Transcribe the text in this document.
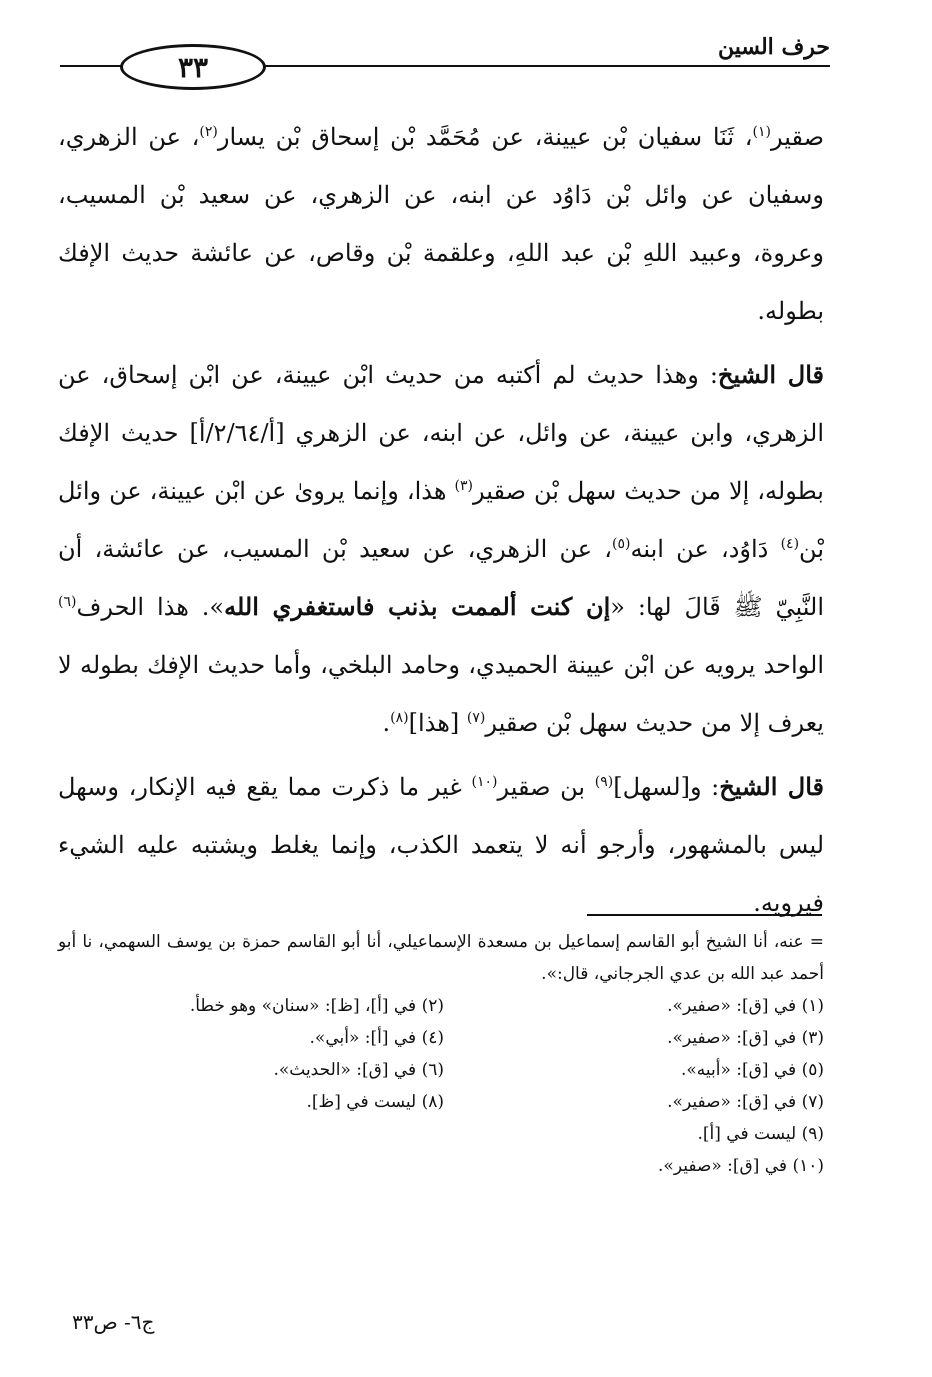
حرف السين
٣٣

صقير$^{(١)}$، ثَنَا سفيان بْن عيينة، عن مُحَمَّد بْن إسحاق بْن يسار$^{(٢)}$، عن الزهري، وسفيان عن وائل بْن دَاوُد عن ابنه، عن الزهري، عن سعيد بْن المسيب، وعروة، وعبيد اللهِ بْن عبد اللهِ، وعلقمة بْن وقاص، عن عائشة حديث الإفك بطوله.

قال الشيخ: وهذا حديث لم أكتبه من حديث ابْن عيينة، عن ابْن إسحاق، عن الزهري، وابن عيينة، عن وائل، عن ابنه، عن الزهري [أ/٢/٦٤/أ] حديث الإفك بطوله، إلا من حديث سهل بْن صقير$^{(٣)}$ هذا، وإنما يروىٰ عن ابْن عيينة، عن وائل بْن$^{(٤)}$ دَاوُد، عن ابنه$^{(٥)}$، عن الزهري، عن سعيد بْن المسيب، عن عائشة، أن النَّبِيّ ﷺ قَالَ لها: «إن كنت ألممت بذنب فاستغفري الله». هذا الحرف$^{(٦)}$ الواحد يرويه عن ابْن عيينة الحميدي، وحامد البلخي، وأما حديث الإفك بطوله لا يعرف إلا من حديث سهل بْن صقير$^{(٧)}$ [هذا]$^{(٨)}$.

قال الشيخ: و[لسهل]$^{(٩)}$ بن صقير$^{(١٠)}$ غير ما ذكرت مما يقع فيه الإنكار، وسهل ليس بالمشهور، وأرجو أنه لا يتعمد الكذب، وإنما يغلط ويشتبه عليه الشيء فيرويه.

= عنه، أنا الشيخ أبو القاسم إسماعيل بن مسعدة الإسماعيلي، أنا أبو القاسم حمزة بن يوسف السهمي، نا أبو أحمد عبد الله بن عدي الجرجاني، قال:».

(١) في [ق]: «صفير».
(٢) في [أ]، [ظ]: «سنان» وهو خطأ.
(٣) في [ق]: «صفير».
(٤) في [أ]: «أبي».
(٥) في [ق]: «أبيه».
(٦) في [ق]: «الحديث».
(٧) في [ق]: «صفير».
(٨) ليست في [ظ].
(٩) ليست في [أ].
(١٠) في [ق]: «صفير».
ج٦- ص٣٣
